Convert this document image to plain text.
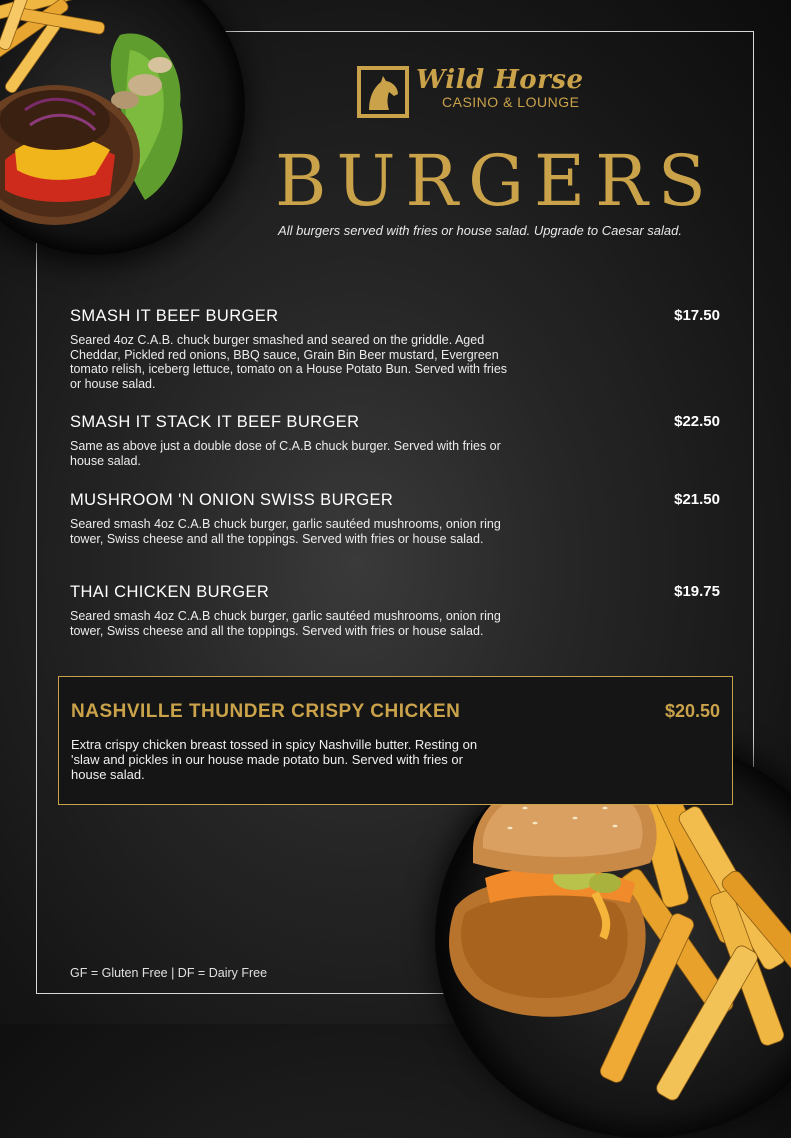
Wild Horse
CASINO & LOUNGE
BURGERS
All burgers served with fries or house salad. Upgrade to Caesar salad.
SMASH IT BEEF BURGER	$17.50
Seared 4oz C.A.B. chuck burger smashed and seared on the griddle. Aged Cheddar, Pickled red onions, BBQ sauce, Grain Bin Beer mustard, Evergreen tomato relish, iceberg lettuce, tomato on a House Potato Bun. Served with fries or house salad.
SMASH IT STACK IT BEEF BURGER	$22.50
Same as above just a double dose of C.A.B chuck burger. Served with fries or house salad.
MUSHROOM 'N ONION SWISS BURGER	$21.50
Seared smash 4oz C.A.B chuck burger, garlic sautéed mushrooms, onion ring tower, Swiss cheese and all the toppings. Served with fries or house salad.
THAI CHICKEN BURGER	$19.75
Seared smash 4oz C.A.B chuck burger, garlic sautéed mushrooms, onion ring tower, Swiss cheese and all the toppings. Served with fries or house salad.
NASHVILLE THUNDER CRISPY CHICKEN	$20.50
Extra crispy chicken breast tossed in spicy Nashville butter. Resting on 'slaw and pickles in our house made potato bun. Served with fries or house salad.
GF = Gluten Free | DF = Dairy Free
